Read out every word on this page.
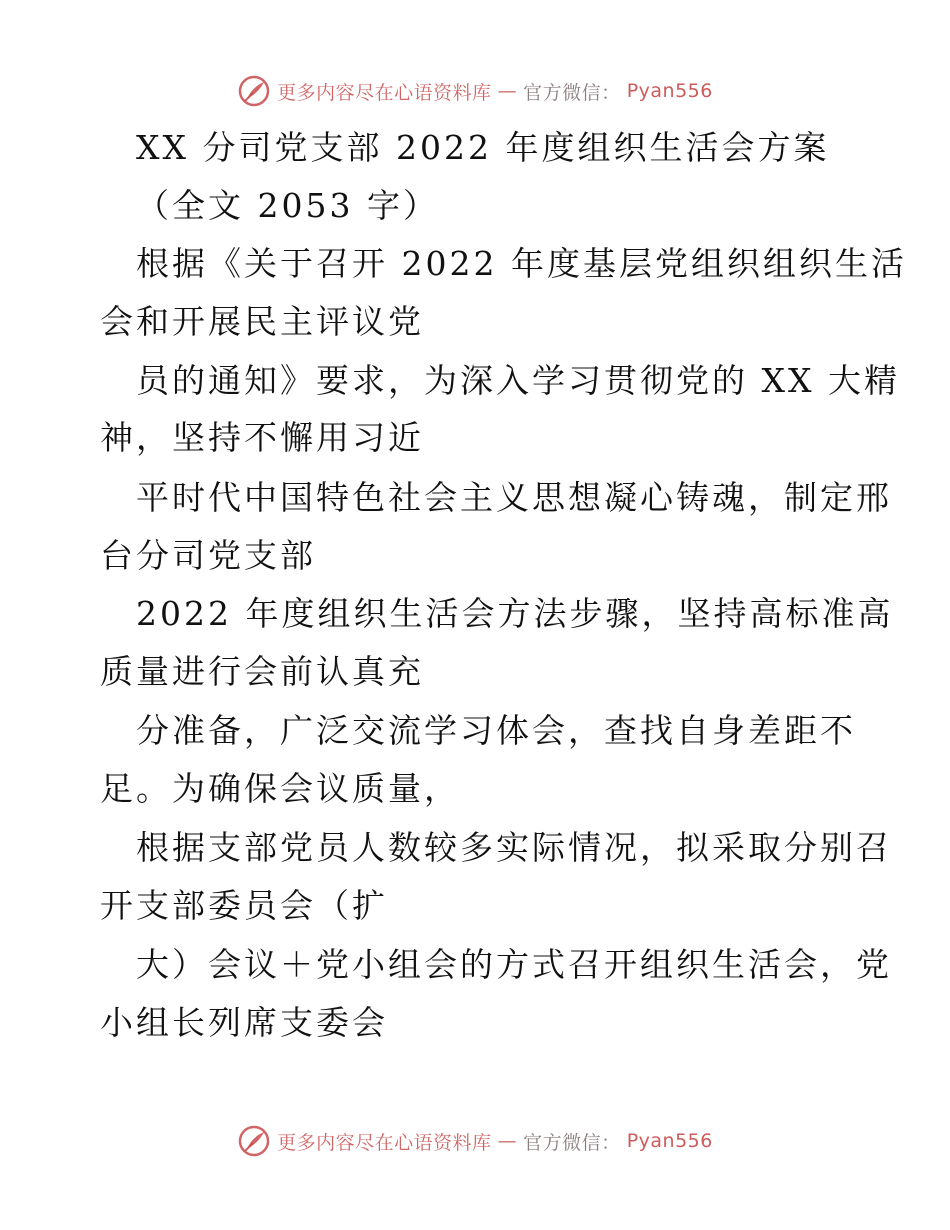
更多内容尽在心语资料库 — 官方微信： Pyan556
XX 分司党支部 2022 年度组织生活会方案
（全文 2053 字）
根据《关于召开 2022 年度基层党组织组织生活
会和开展民主评议党
员的通知》要求，为深入学习贯彻党的 XX 大精
神，坚持不懈用习近
平时代中国特色社会主义思想凝心铸魂，制定邢
台分司党支部
2022 年度组织生活会方法步骤，坚持高标准高
质量进行会前认真充
分准备，广泛交流学习体会，查找自身差距不
足。为确保会议质量，
根据支部党员人数较多实际情况，拟采取分别召
开支部委员会（扩
大）会议＋党小组会的方式召开组织生活会，党
小组长列席支委会
更多内容尽在心语资料库 — 官方微信： Pyan556
